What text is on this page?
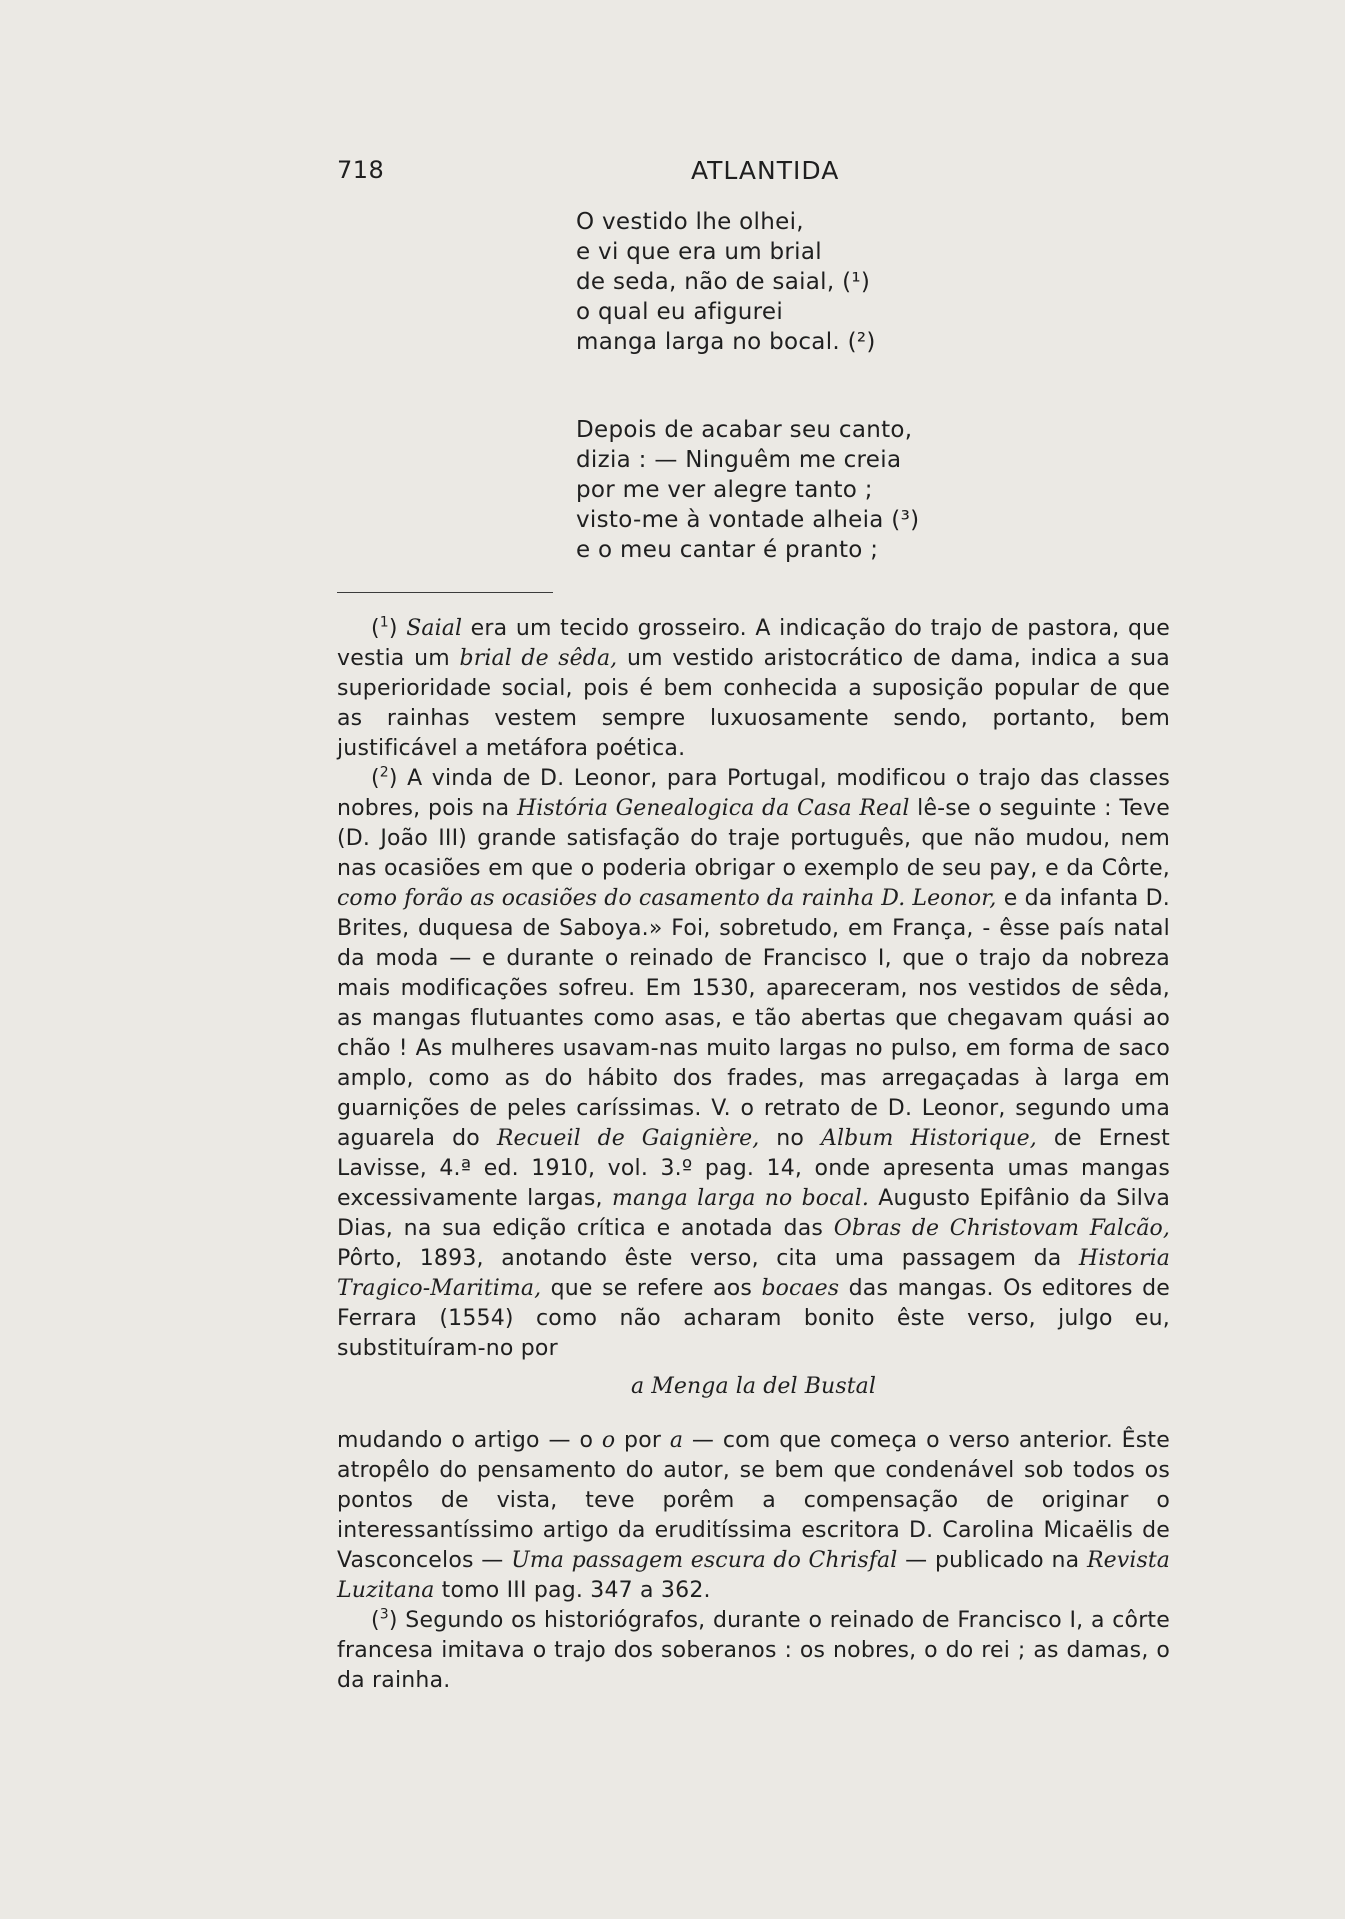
718	ATLANTIDA
O vestido lhe olhei,
e vi que era um brial
de seda, não de saial, (¹)
o qual eu afigurei
manga larga no bocal. (²)
Depois de acabar seu canto,
dizia : — Ninguêm me creia
por me ver alegre tanto ;
visto-me à vontade alheia (³)
e o meu cantar é pranto ;

($^1$) Saial era um tecido grosseiro. A indicação do trajo de pastora, que vestia um brial de sêda, um vestido aristocrático de dama, indica a sua superioridade social, pois é bem conhecida a suposição popular de que as rainhas vestem sempre luxuosamente sendo, portanto, bem justificável a metáfora poética.

($^2$) A vinda de D. Leonor, para Portugal, modificou o trajo das classes nobres, pois na História Genealogica da Casa Real lê-se o seguinte : Teve (D. João III) grande satisfação do traje português, que não mudou, nem nas ocasiões em que o poderia obrigar o exemplo de seu pay, e da Côrte, como forão as ocasiões do casamento da rainha D. Leonor, e da infanta D. Brites, duquesa de Saboya.» Foi, sobretudo, em França, - êsse país natal da moda — e durante o reinado de Francisco I, que o trajo da nobreza mais modificações sofreu. Em 1530, apareceram, nos vestidos de sêda, as mangas flutuantes como asas, e tão abertas que chegavam quási ao chão ! As mulheres usavam-nas muito largas no pulso, em forma de saco amplo, como as do hábito dos frades, mas arregaçadas à larga em guarnições de peles caríssimas. V. o retrato de D. Leonor, segundo uma aguarela do Recueil de Gaignière, no Album Historique, de Ernest Lavisse, 4.ª ed. 1910, vol. 3.º pag. 14, onde apresenta umas mangas excessivamente largas, manga larga no bocal. Augusto Epifânio da Silva Dias, na sua edição crítica e anotada das Obras de Christovam Falcão, Pôrto, 1893, anotando êste verso, cita uma passagem da Historia Tragico-Maritima, que se refere aos bocaes das mangas. Os editores de Ferrara (1554) como não acharam bonito êste verso, julgo eu, substituíram-no por
a Menga la del Bustal
mudando o artigo — o o por a — com que começa o verso anterior. Êste atropêlo do pensamento do autor, se bem que condenável sob todos os pontos de vista, teve porêm a compensação de originar o interessantíssimo artigo da eruditíssima escritora D. Carolina Micaëlis de Vasconcelos — Uma passagem escura do Chrisfal — publicado na Revista Luzitana tomo III pag. 347 a 362.

($^3$) Segundo os historiógrafos, durante o reinado de Francisco I, a côrte francesa imitava o trajo dos soberanos : os nobres, o do rei ; as damas, o da rainha.
